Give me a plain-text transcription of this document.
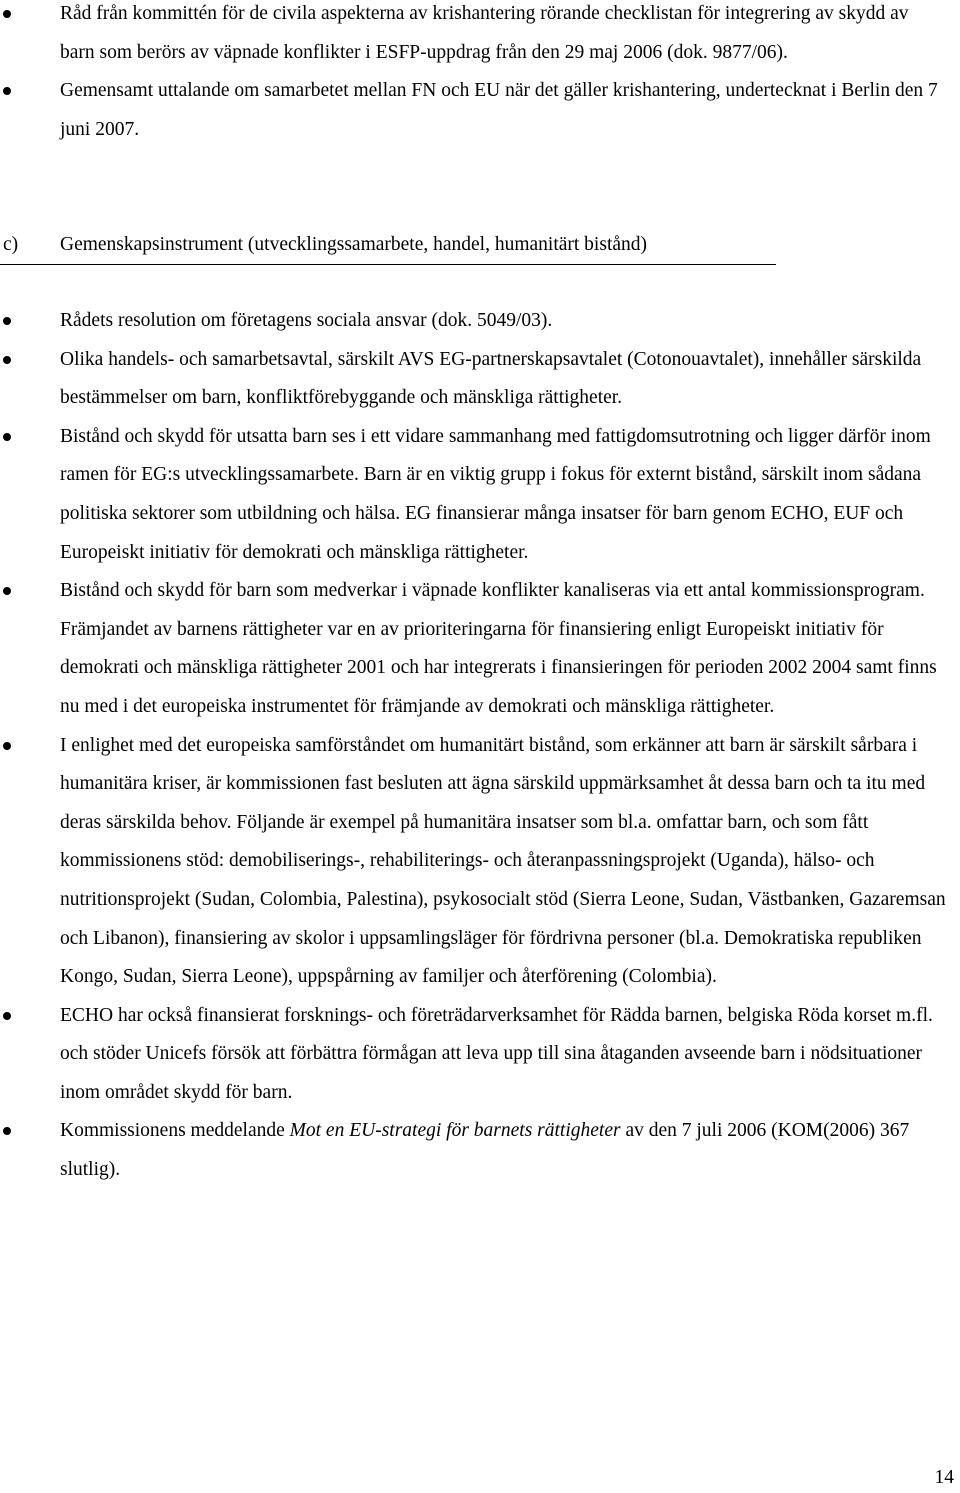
Råd från kommittén för de civila aspekterna av krishantering rörande checklistan för integrering av skydd av barn som berörs av väpnade konflikter i ESFP-uppdrag från den 29 maj 2006 (dok. 9877/06).
Gemensamt uttalande om samarbetet mellan FN och EU när det gäller krishantering, undertecknat i Berlin den 7 juni 2007.
c) Gemenskapsinstrument (utvecklingssamarbete, handel, humanitärt bistånd)
Rådets resolution om företagens sociala ansvar (dok. 5049/03).
Olika handels- och samarbetsavtal, särskilt AVS EG-partnerskapsavtalet (Cotonouavtalet), innehåller särskilda bestämmelser om barn, konfliktförebyggande och mänskliga rättigheter.
Bistånd och skydd för utsatta barn ses i ett vidare sammanhang med fattigdomsutrotning och ligger därför inom ramen för EG:s utvecklingssamarbete. Barn är en viktig grupp i fokus för externt bistånd, särskilt inom sådana politiska sektorer som utbildning och hälsa. EG finansierar många insatser för barn genom ECHO, EUF och Europeiskt initiativ för demokrati och mänskliga rättigheter.
Bistånd och skydd för barn som medverkar i väpnade konflikter kanaliseras via ett antal kommissionsprogram. Främjandet av barnens rättigheter var en av prioriteringarna för finansiering enligt Europeiskt initiativ för demokrati och mänskliga rättigheter 2001 och har integrerats i finansieringen för perioden 2002 2004 samt finns nu med i det europeiska instrumentet för främjande av demokrati och mänskliga rättigheter.
I enlighet med det europeiska samförståndet om humanitärt bistånd, som erkänner att barn är särskilt sårbara i humanitära kriser, är kommissionen fast besluten att ägna särskild uppmärksamhet åt dessa barn och ta itu med deras särskilda behov. Följande är exempel på humanitära insatser som bl.a. omfattar barn, och som fått kommissionens stöd: demobiliserings-, rehabiliterings- och återanpassningsprojekt (Uganda), hälso- och nutritionsprojekt (Sudan, Colombia, Palestina), psykosocialt stöd (Sierra Leone, Sudan, Västbanken, Gazaremsan och Libanon), finansiering av skolor i uppsamlingsläger för fördrivna personer (bl.a. Demokratiska republiken Kongo, Sudan, Sierra Leone), uppspårning av familjer och återförening (Colombia).
ECHO har också finansierat forsknings- och företrädarverksamhet för Rädda barnen, belgiska Röda korset m.fl. och stöder Unicefs försök att förbättra förmågan att leva upp till sina åtaganden avseende barn i nödsituationer inom området skydd för barn.
Kommissionens meddelande Mot en EU-strategi för barnets rättigheter av den 7 juli 2006 (KOM(2006) 367 slutlig).
14
